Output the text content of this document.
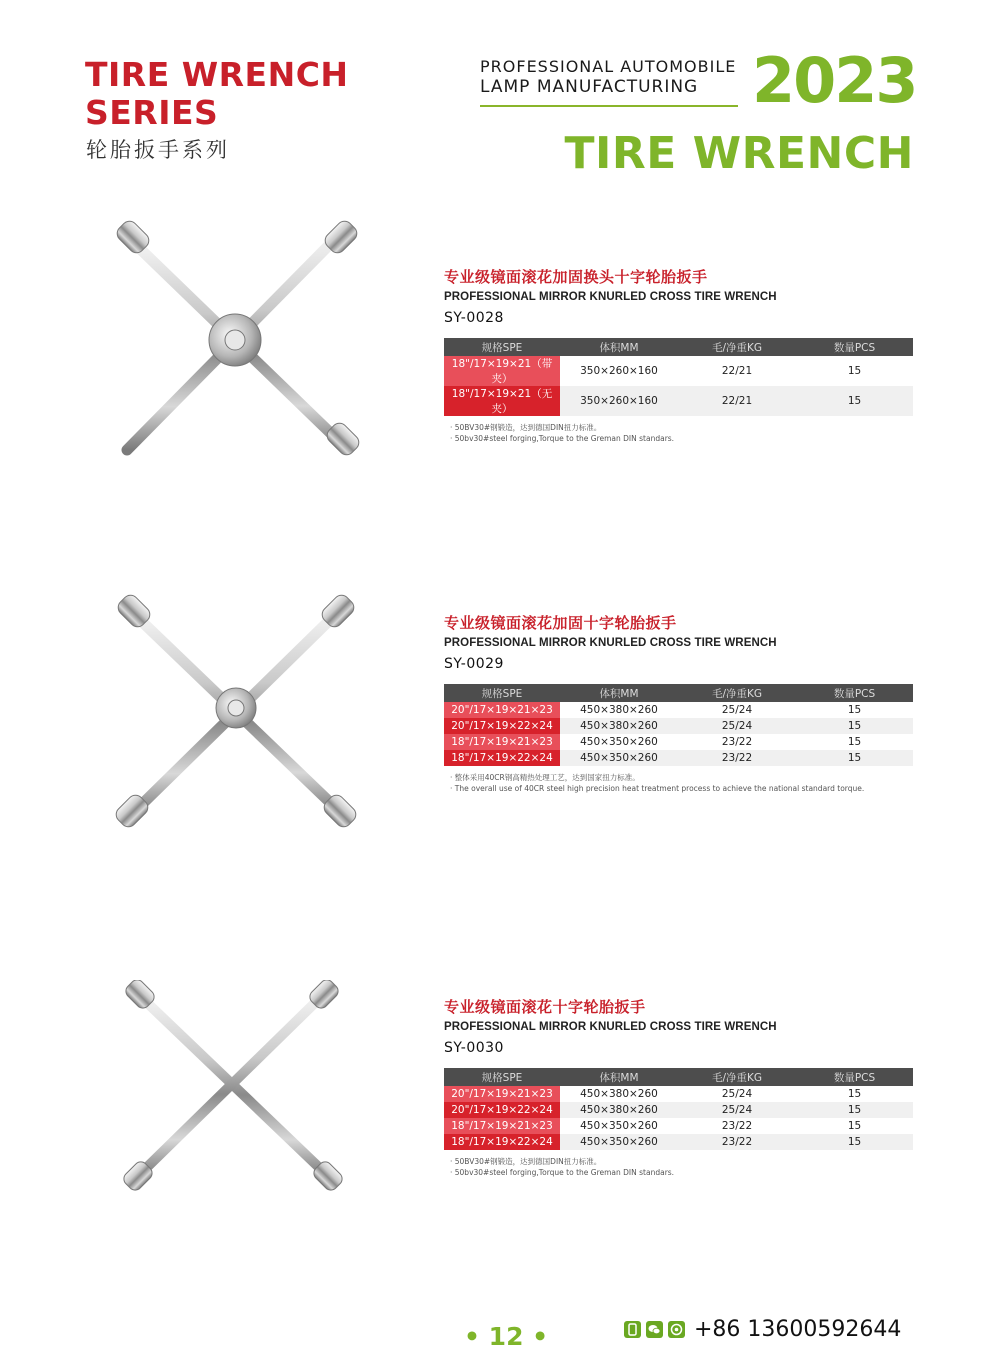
TIRE WRENCH
SERIES
轮胎扳手系列
PROFESSIONAL AUTOMOBILE
LAMP MANUFACTURING 2023
TIRE WRENCH
专业级镜面滚花加固换头十字轮胎扳手
PROFESSIONAL MIRROR KNURLED CROSS TIRE WRENCH
SY-0028
规格SPE	体积MM	毛/净重KG	数量PCS
18"/17×19×21（带夹）	350×260×160	22/21	15
18"/17×19×21（无夹）	350×260×160	22/21	15
· 50BV30#钢锻造，达到德国DIN扭力标准。
· 50bv30#steel forging,Torque to the Greman DIN standars.
专业级镜面滚花加固十字轮胎扳手
PROFESSIONAL MIRROR KNURLED CROSS TIRE WRENCH
SY-0029
规格SPE	体积MM	毛/净重KG	数量PCS
20"/17×19×21×23	450×380×260	25/24	15
20"/17×19×22×24	450×380×260	25/24	15
18"/17×19×21×23	450×350×260	23/22	15
18"/17×19×22×24	450×350×260	23/22	15
· 整体采用40CR钢高精热处理工艺，达到国家扭力标准。
· The overall use of 40CR steel high precision heat treatment process to achieve the national standard torque.
专业级镜面滚花十字轮胎扳手
PROFESSIONAL MIRROR KNURLED CROSS TIRE WRENCH
SY-0030
规格SPE	体积MM	毛/净重KG	数量PCS
20"/17×19×21×23	450×380×260	25/24	15
20"/17×19×22×24	450×380×260	25/24	15
18"/17×19×21×23	450×350×260	23/22	15
18"/17×19×22×24	450×350×260	23/22	15
· 50BV30#钢锻造，达到德国DIN扭力标准。
· 50bv30#steel forging,Torque to the Greman DIN standars.
• 12 •	+86 13600592644
